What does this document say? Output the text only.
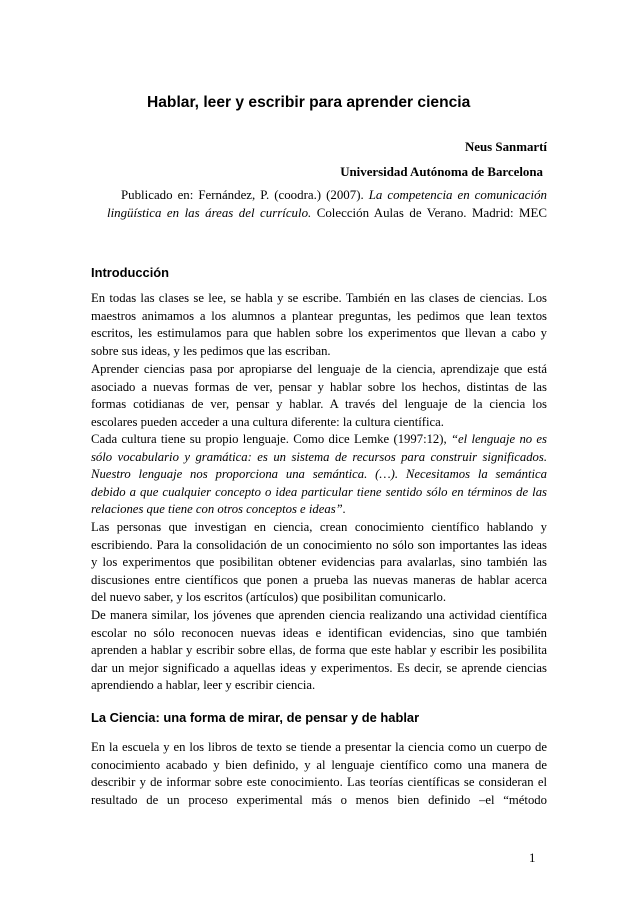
Hablar, leer y escribir para aprender ciencia
Neus Sanmartí
Universidad Autónoma de Barcelona
Publicado en: Fernández, P. (coodra.) (2007). La competencia en comunicación
lingüística en las áreas del currículo. Colección Aulas de Verano. Madrid: MEC
Introducción
En todas las clases se lee, se habla y se escribe. También en las clases de ciencias. Los
maestros animamos a los alumnos a plantear preguntas, les pedimos que lean textos
escritos, les estimulamos para que hablen sobre los experimentos que llevan a cabo y
sobre sus ideas, y les pedimos que las escriban.
Aprender ciencias pasa por apropiarse del lenguaje de la ciencia, aprendizaje que está
asociado a nuevas formas de ver, pensar y hablar sobre los hechos, distintas de las
formas cotidianas de ver, pensar y hablar. A través del lenguaje de la ciencia los
escolares pueden acceder a una cultura diferente: la cultura científica.
Cada cultura tiene su propio lenguaje. Como dice Lemke (1997:12), “el lenguaje no es
sólo vocabulario y gramática: es un sistema de recursos para construir significados.
Nuestro lenguaje nos proporciona una semántica. (…). Necesitamos la semántica
debido a que cualquier concepto o idea particular tiene sentido sólo en términos de las
relaciones que tiene con otros conceptos e ideas”.
Las personas que investigan en ciencia, crean conocimiento científico hablando y
escribiendo. Para la consolidación de un conocimiento no sólo son importantes las ideas
y los experimentos que posibilitan obtener evidencias para avalarlas, sino también las
discusiones entre científicos que ponen a prueba las nuevas maneras de hablar acerca
del nuevo saber, y los escritos (artículos) que posibilitan comunicarlo.
De manera similar, los jóvenes que aprenden ciencia realizando una actividad científica
escolar no sólo reconocen nuevas ideas e identifican evidencias, sino que también
aprenden a hablar y escribir sobre ellas, de forma que este hablar y escribir les posibilita
dar un mejor significado a aquellas ideas y experimentos. Es decir, se aprende ciencias
aprendiendo a hablar, leer y escribir ciencia.
La Ciencia: una forma de mirar, de pensar y de hablar
En la escuela y en los libros de texto se tiende a presentar la ciencia como un cuerpo de
conocimiento acabado y bien definido, y al lenguaje científico como una manera de
describir y de informar sobre este conocimiento. Las teorías científicas se consideran el
resultado de un proceso experimental más o menos bien definido –el “método
1
